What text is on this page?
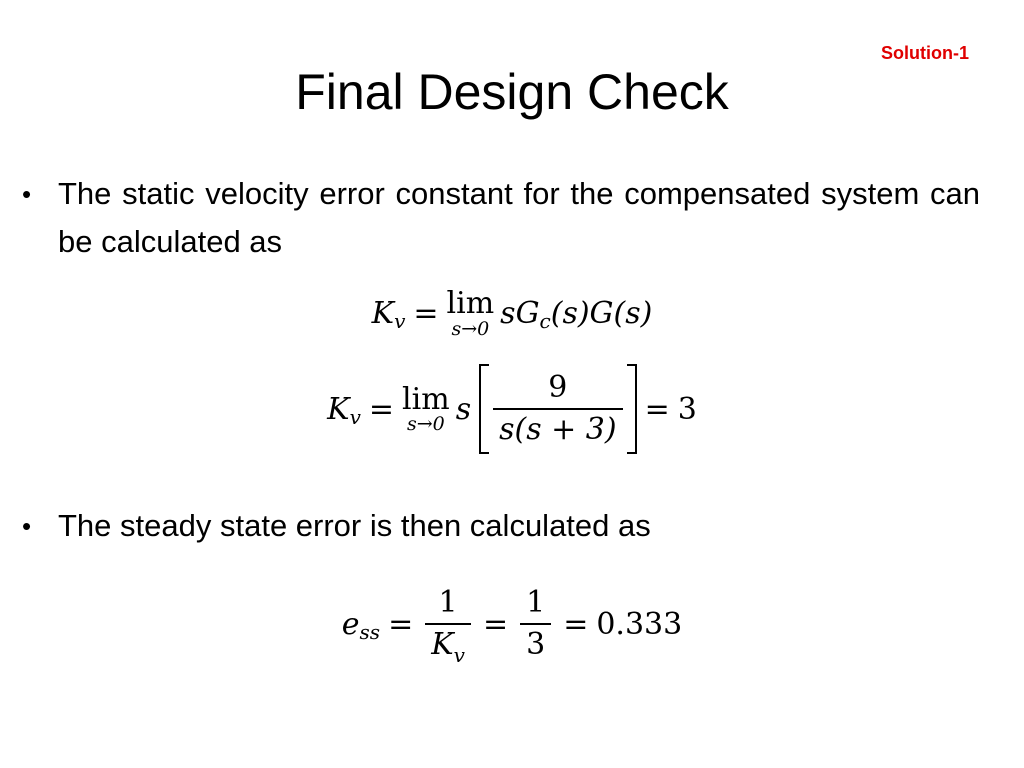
Solution-1
Final Design Check
• The static velocity error constant for the compensated system can be calculated as
K v = lim
s→0 sG c (s)G(s)
K v = lim
s→0 s $\frac{9}{s(s + 3)} = 3$
• The steady state error is then calculated as
e ss = $\frac{1}{K_v} = \frac{1}{3} = 0.333$
